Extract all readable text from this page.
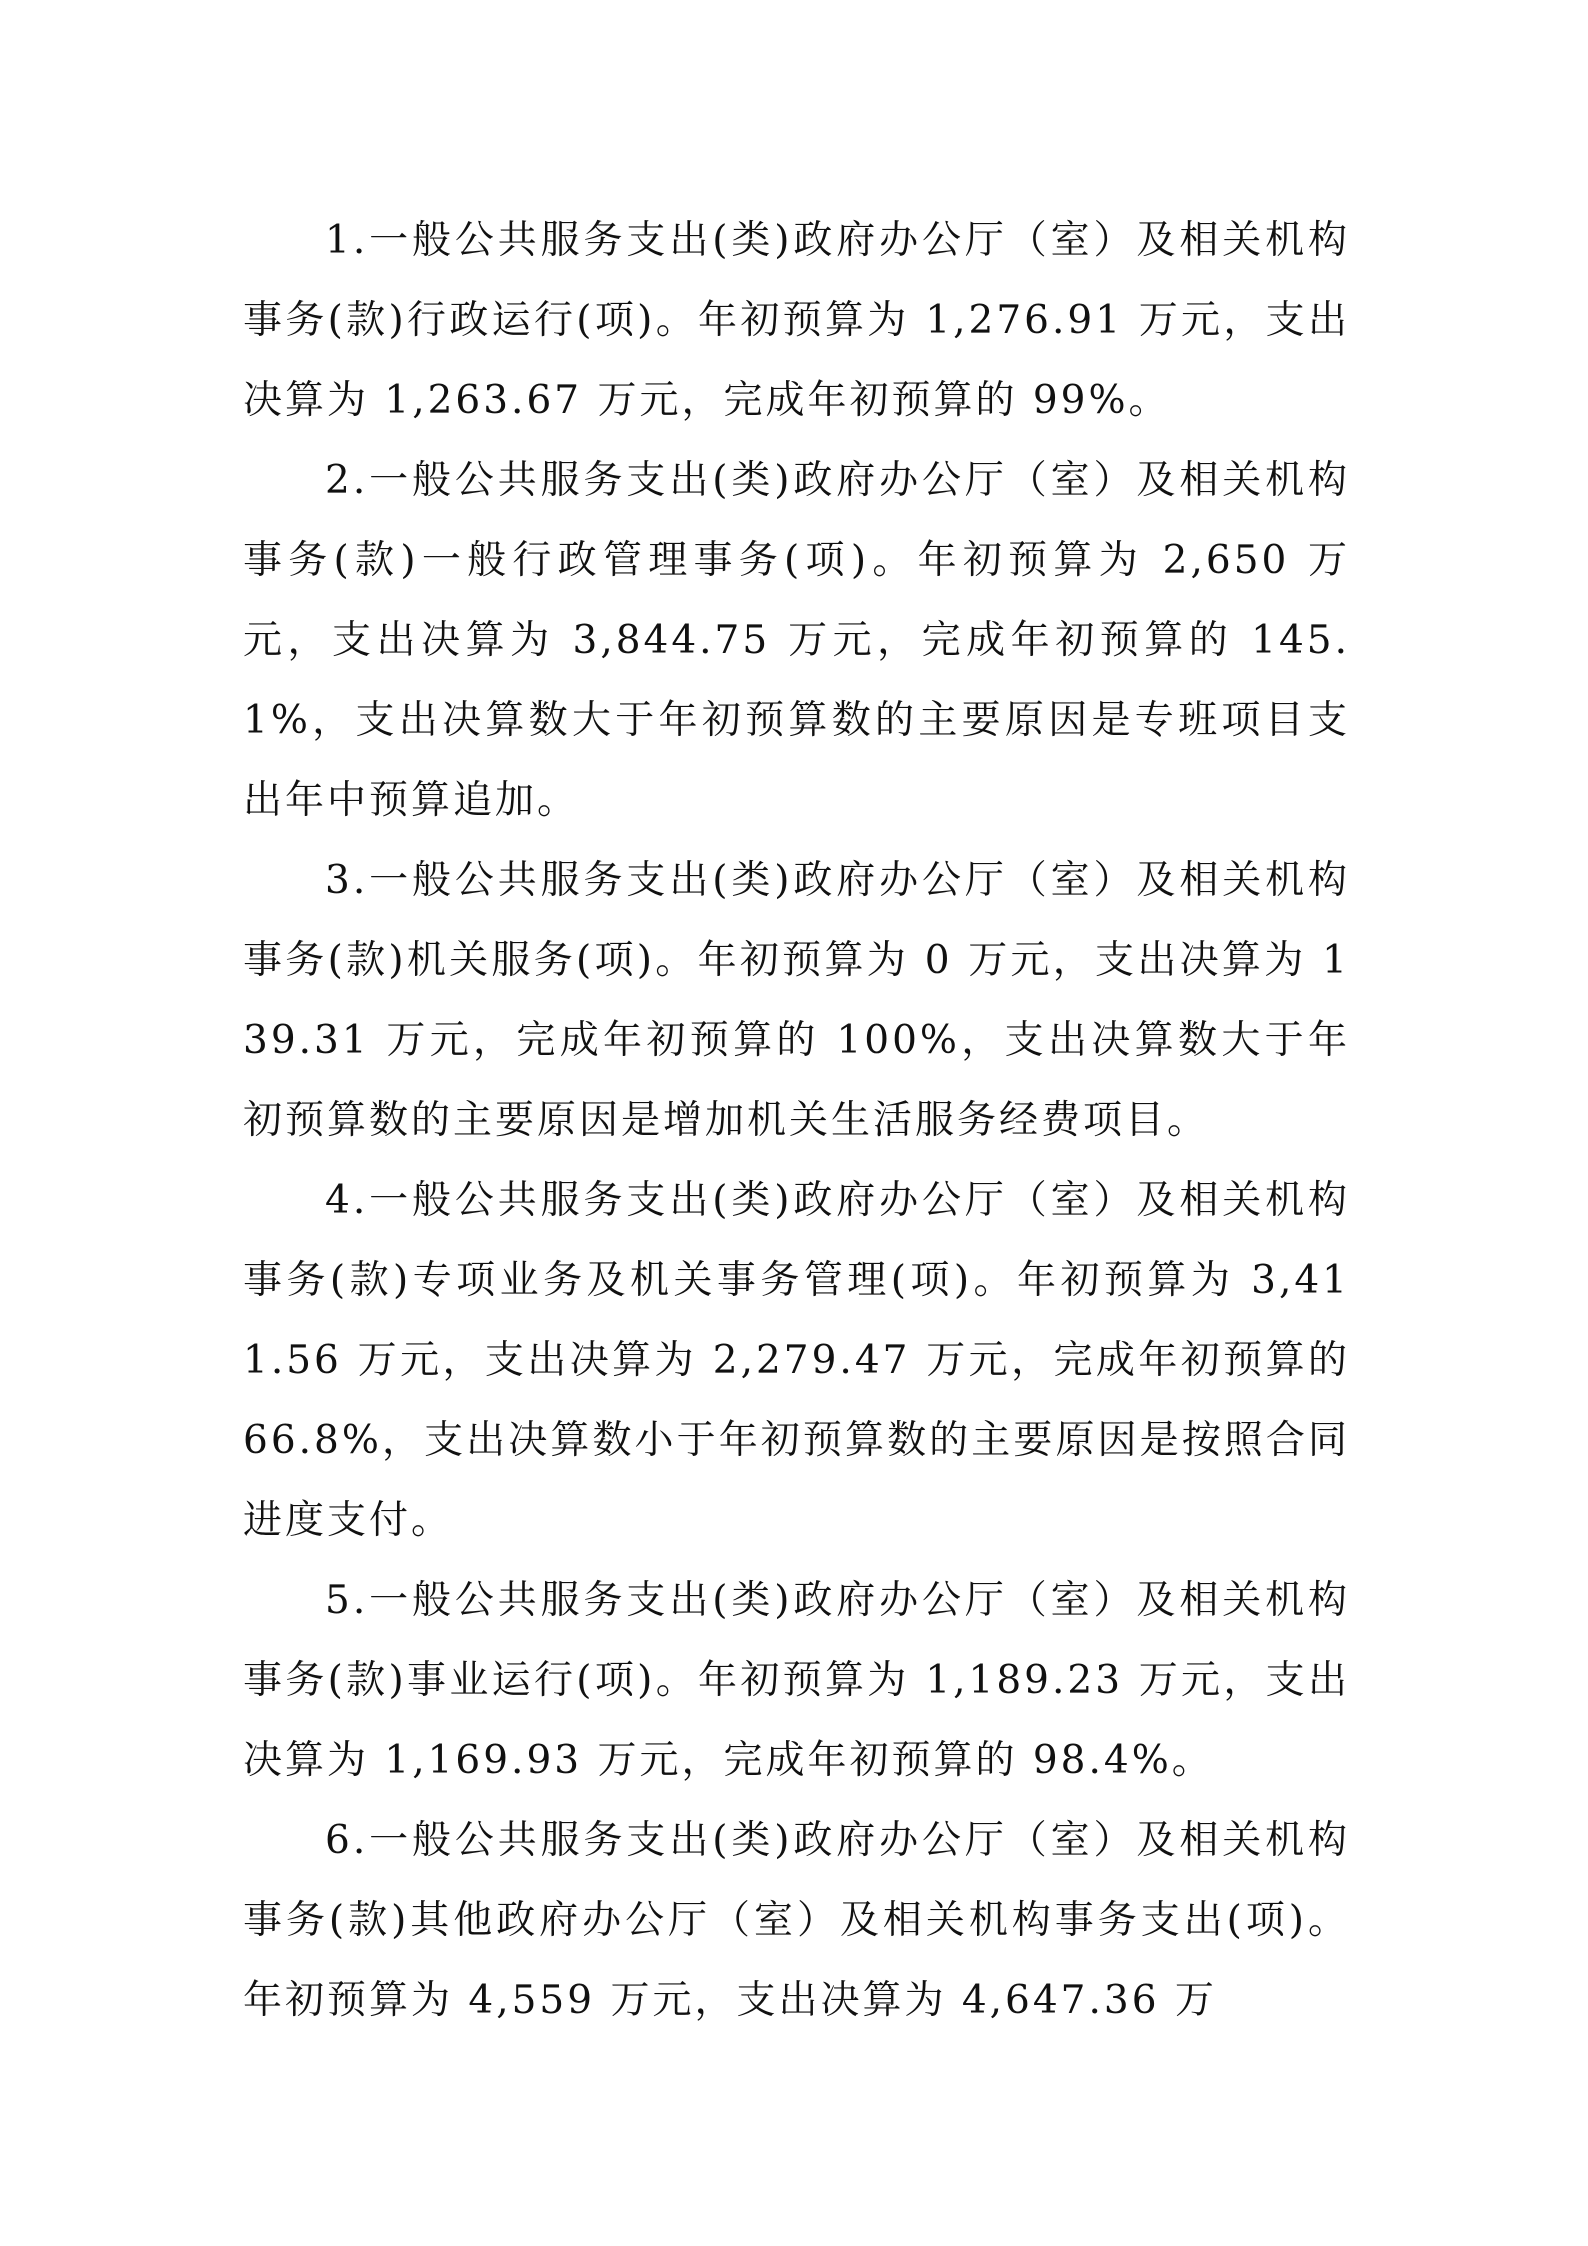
1.一般公共服务支出(类)政府办公厅（室）及相关机构事务(款)行政运行(项)。年初预算为 1,276.91 万元，支出决算为 1,263.67 万元，完成年初预算的 99%。

2.一般公共服务支出(类)政府办公厅（室）及相关机构事务(款)一般行政管理事务(项)。年初预算为 2,650 万元，支出决算为 3,844.75 万元，完成年初预算的 145.1%，支出决算数大于年初预算数的主要原因是专班项目支出年中预算追加。

3.一般公共服务支出(类)政府办公厅（室）及相关机构事务(款)机关服务(项)。年初预算为 0 万元，支出决算为 139.31 万元，完成年初预算的 100%，支出决算数大于年初预算数的主要原因是增加机关生活服务经费项目。

4.一般公共服务支出(类)政府办公厅（室）及相关机构事务(款)专项业务及机关事务管理(项)。年初预算为 3,411.56 万元，支出决算为 2,279.47 万元，完成年初预算的 66.8%，支出决算数小于年初预算数的主要原因是按照合同进度支付。

5.一般公共服务支出(类)政府办公厅（室）及相关机构事务(款)事业运行(项)。年初预算为 1,189.23 万元，支出决算为 1,169.93 万元，完成年初预算的 98.4%。

6.一般公共服务支出(类)政府办公厅（室）及相关机构事务(款)其他政府办公厅（室）及相关机构事务支出(项)。年初预算为 4,559 万元，支出决算为 4,647.36 万
